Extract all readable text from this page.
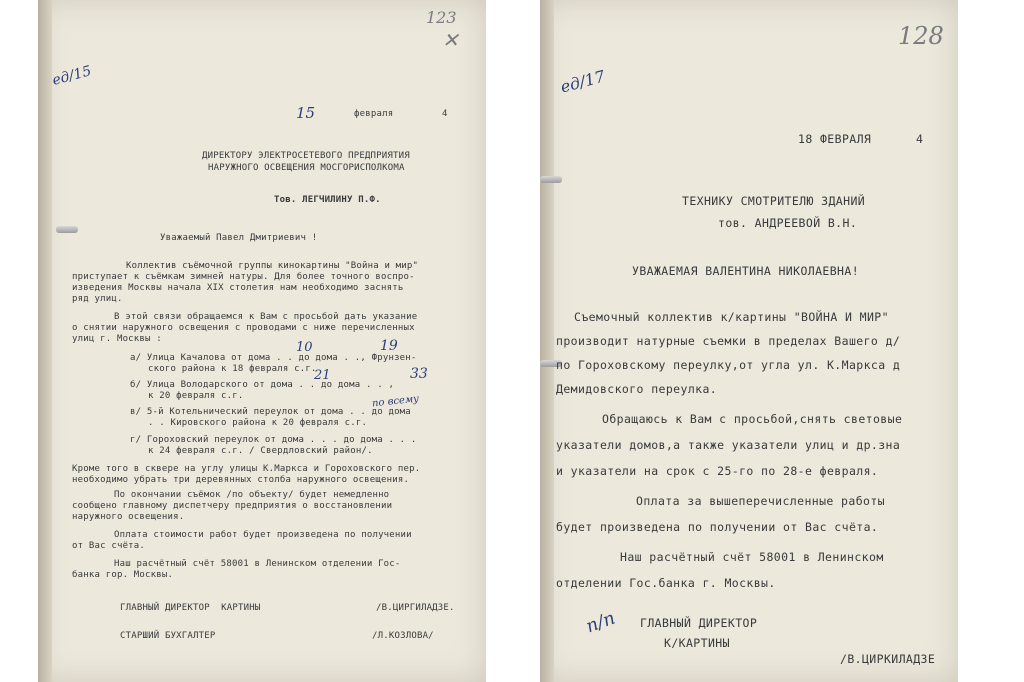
123
✕
ед/15
15	февраля	4
ДИРЕКТОРУ ЭЛЕКТРОСЕТЕВОГО ПРЕДПРИЯТИЯ
НАРУЖНОГО ОСВЕЩЕНИЯ МОСГОРИСПОЛКОМА
Тов. ЛЕГЧИЛИНУ П.Ф.
Уважаемый Павел Дмитриевич !
Коллектив съёмочной группы кинокартины "Война и мир"
приступает к съёмкам зимней натуры. Для более точного воспро-
изведения Москвы начала XIX столетия нам необходимо заснять
ряд улиц.
В этой связи обращаемся к Вам с просьбой дать указание
о снятии наружного освещения с проводами с ниже перечисленных
улиц г. Москвы :
а/ Улица Качалова от дома . . до дома . ., Фрунзен-
ского района к 18 февраля с.г.
10	19
б/ Улица Володарского от дома . . до дома . . ,
к 20 февраля с.г.
21	33
в/ 5-й Котельнический переулок от дома . . до дома
. . Кировского района к 20 февраля с.г.
по всему
г/ Гороховский переулок от дома . . . до дома . . .
к 24 февраля с.г. / Свердловский район/.
Кроме того в сквере на углу улицы К.Маркса и Гороховского пер.
необходимо убрать три деревянных столба наружного освещения.
По окончании съёмок /по объекту/ будет немедленно
сообщено главному диспетчеру предприятия о восстановлении
наружного освещения.
Оплата стоимости работ будет произведена по получении
от Вас счёта.
Наш расчётный счёт 58001 в Ленинском отделении Гос-
банка гор. Москвы.
ГЛАВНЫЙ ДИРЕКТОР  КАРТИНЫ	/В.ЦИРГИЛАДЗЕ.
СТАРШИЙ БУХГАЛТЕР	/Л.КОЗЛОВА/
128
ед/17
18 ФЕВРАЛЯ	4
ТЕХНИКУ СМОТРИТЕЛЮ ЗДАНИЙ
тов. АНДРЕЕВОЙ В.Н.
УВАЖАЕМАЯ ВАЛЕНТИНА НИКОЛАЕВНА!
Съемочный коллектив к/картины "ВОЙНА И МИР"
производит натурные съемки в пределах Вашего д/
по Гороховскому переулку,от угла ул. К.Маркса д
Демидовского переулка.
Обращаюсь к Вам с просьбой,снять световые
указатели домов,а также указатели улиц и др.зна
и указатели на срок с 25-го по 28-е февраля.
Оплата за вышеперечисленные работы
будет произведена по получении от Вас счёта.
Наш расчётный счёт 58001 в Ленинском
отделении Гос.банка г. Москвы.
п/п ГЛАВНЫЙ ДИРЕКТОР
К/КАРТИНЫ
/В.ЦИРКИЛАДЗЕ
